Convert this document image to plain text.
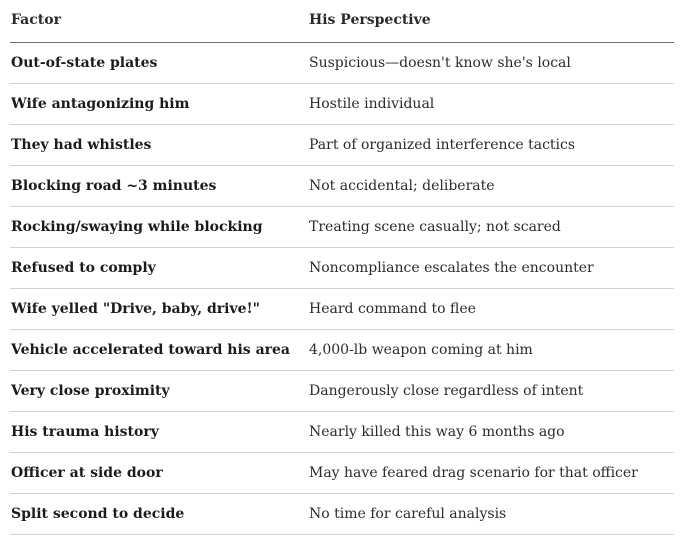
Factor	His Perspective
Out-of-state plates	Suspicious—doesn't know she's local
Wife antagonizing him	Hostile individual
They had whistles	Part of organized interference tactics
Blocking road ~3 minutes	Not accidental; deliberate
Rocking/swaying while blocking	Treating scene casually; not scared
Refused to comply	Noncompliance escalates the encounter
Wife yelled "Drive, baby, drive!"	Heard command to flee
Vehicle accelerated toward his area	4,000-lb weapon coming at him
Very close proximity	Dangerously close regardless of intent
His trauma history	Nearly killed this way 6 months ago
Officer at side door	May have feared drag scenario for that officer
Split second to decide	No time for careful analysis
